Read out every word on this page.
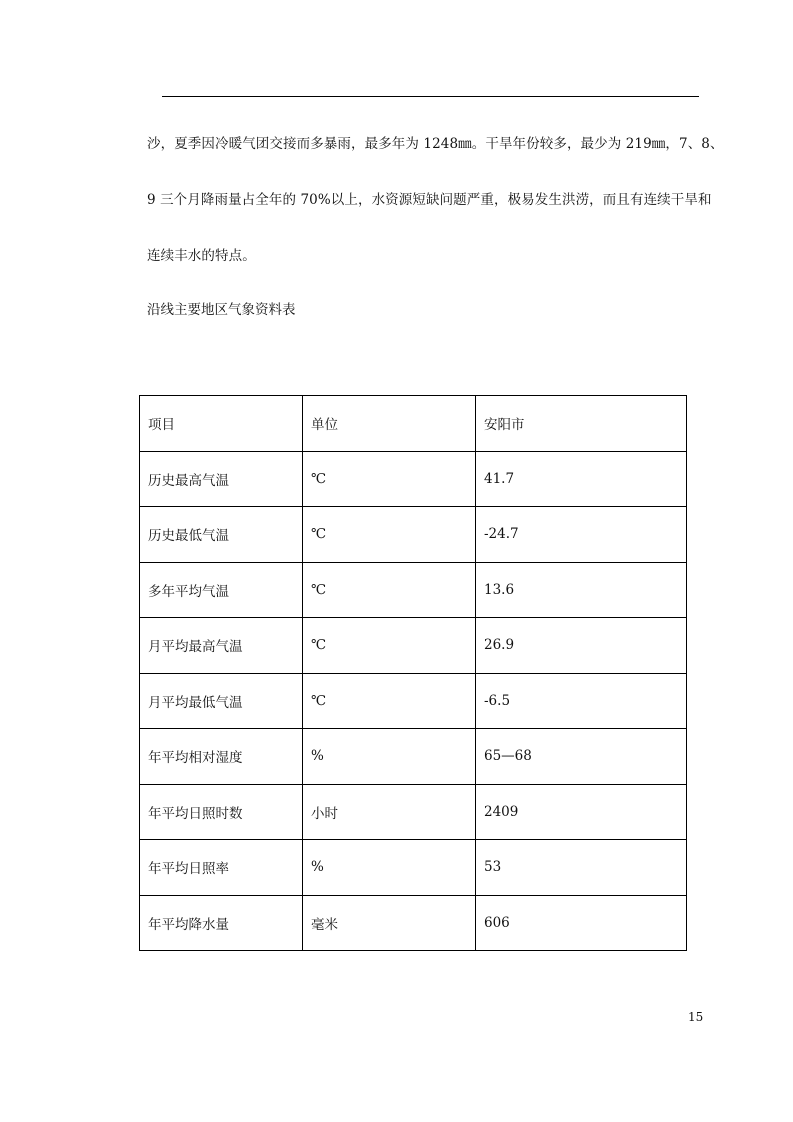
沙，夏季因冷暖气团交接而多暴雨，最多年为 1248㎜。干旱年份较多，最少为 219㎜，7、8、
9 三个月降雨量占全年的 70%以上，水资源短缺问题严重，极易发生洪涝，而且有连续干旱和
连续丰水的特点。
沿线主要地区气象资料表
项目	单位	安阳市
历史最高气温	℃	41.7
历史最低气温	℃	-24.7
多年平均气温	℃	13.6
月平均最高气温	℃	26.9
月平均最低气温	℃	-6.5
年平均相对湿度	%	65—68
年平均日照时数	小时	2409
年平均日照率	%	53
年平均降水量	毫米	606
15
